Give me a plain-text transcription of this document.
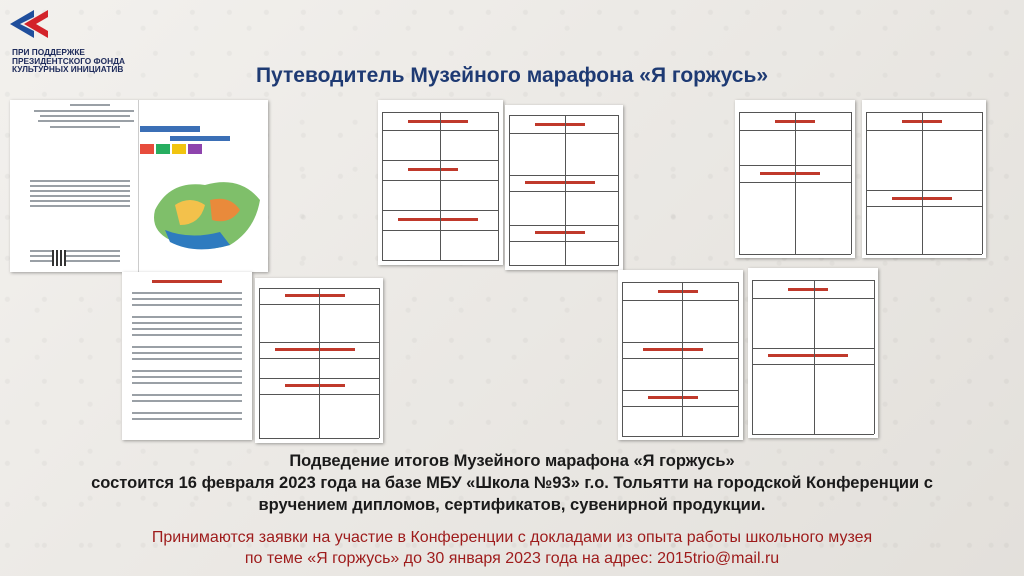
ПРИ ПОДДЕРЖКЕ
ПРЕЗИДЕНТСКОГО ФОНДА
КУЛЬТУРНЫХ ИНИЦИАТИВ	Путеводитель Музейного марафона «Я горжусь»

Подведение итогов Музейного марафона «Я горжусь»

состоится 16 февраля 2023 года на базе МБУ «Школа №93» г.о. Тольятти на городской Конференции с

вручением дипломов, сертификатов, сувенирной продукции.

Принимаются заявки на участие в Конференции с докладами из опыта работы школьного музея

по теме «Я горжусь» до 30 января 2023 года на адрес: 2015trio@mail.ru
